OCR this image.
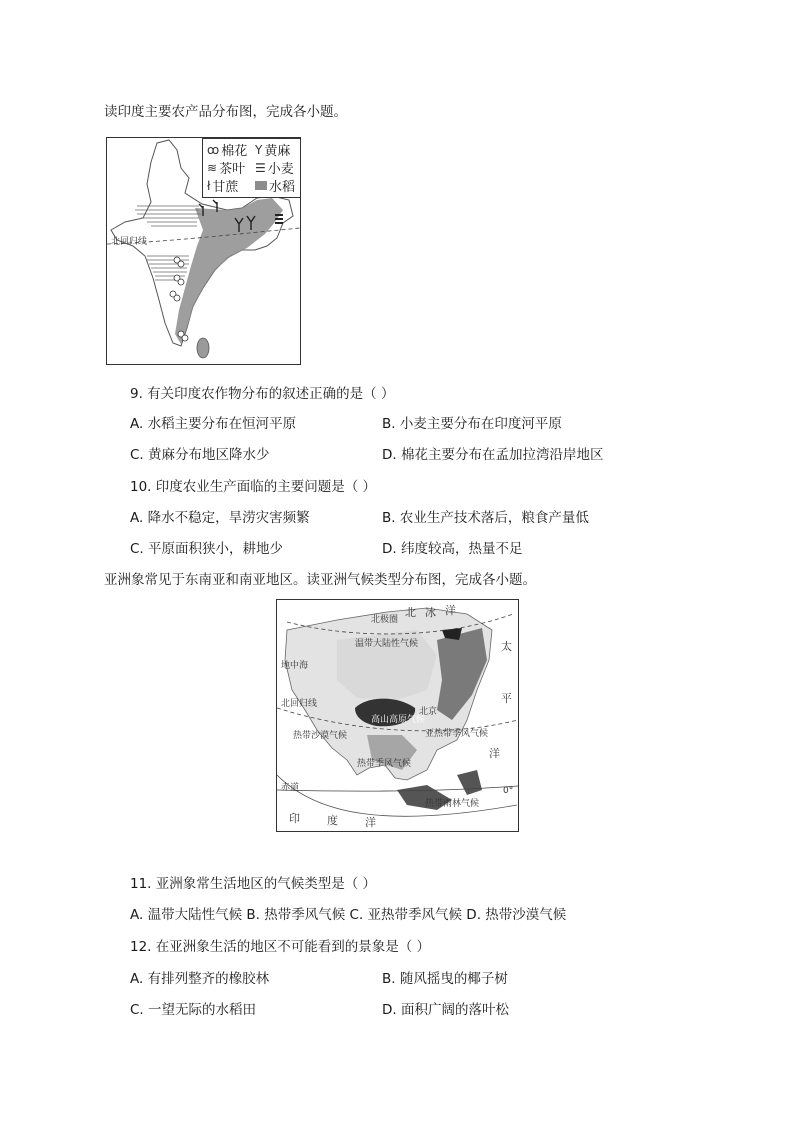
读印度主要农产品分布图，完成各小题。
北回归线
ꝏ 棉花 Y 黄麻
≋ 茶叶 ☰ 小麦
ł 甘蔗 水稻
9. 有关印度农作物分布的叙述正确的是（ ）
A. 水稻主要分布在恒河平原	B. 小麦主要分布在印度河平原
C. 黄麻分布地区降水少	D. 棉花主要分布在孟加拉湾沿岸地区
10. 印度农业生产面临的主要问题是（ ）
A. 降水不稳定，旱涝灾害频繁	B. 农业生产技术落后，粮食产量低
C. 平原面积狭小，耕地少	D. 纬度较高，热量不足
亚洲象常见于东南亚和南亚地区。读亚洲气候类型分布图，完成各小题。
北 冰 洋
太
平
洋
印 度 洋
温带大陆性气候
高山高原气候
北京
亚热带季风气候
热带沙漠气候
热带季风气候
热带雨林气候
北回归线
赤道
地中海
0°
北极圈
11. 亚洲象常生活地区的气候类型是（ ）
A. 温带大陆性气候 B. 热带季风气候 C. 亚热带季风气候 D. 热带沙漠气候
12. 在亚洲象生活的地区不可能看到的景象是（ ）
A. 有排列整齐的橡胶林	B. 随风摇曳的椰子树
C. 一望无际的水稻田	D. 面积广阔的落叶松
